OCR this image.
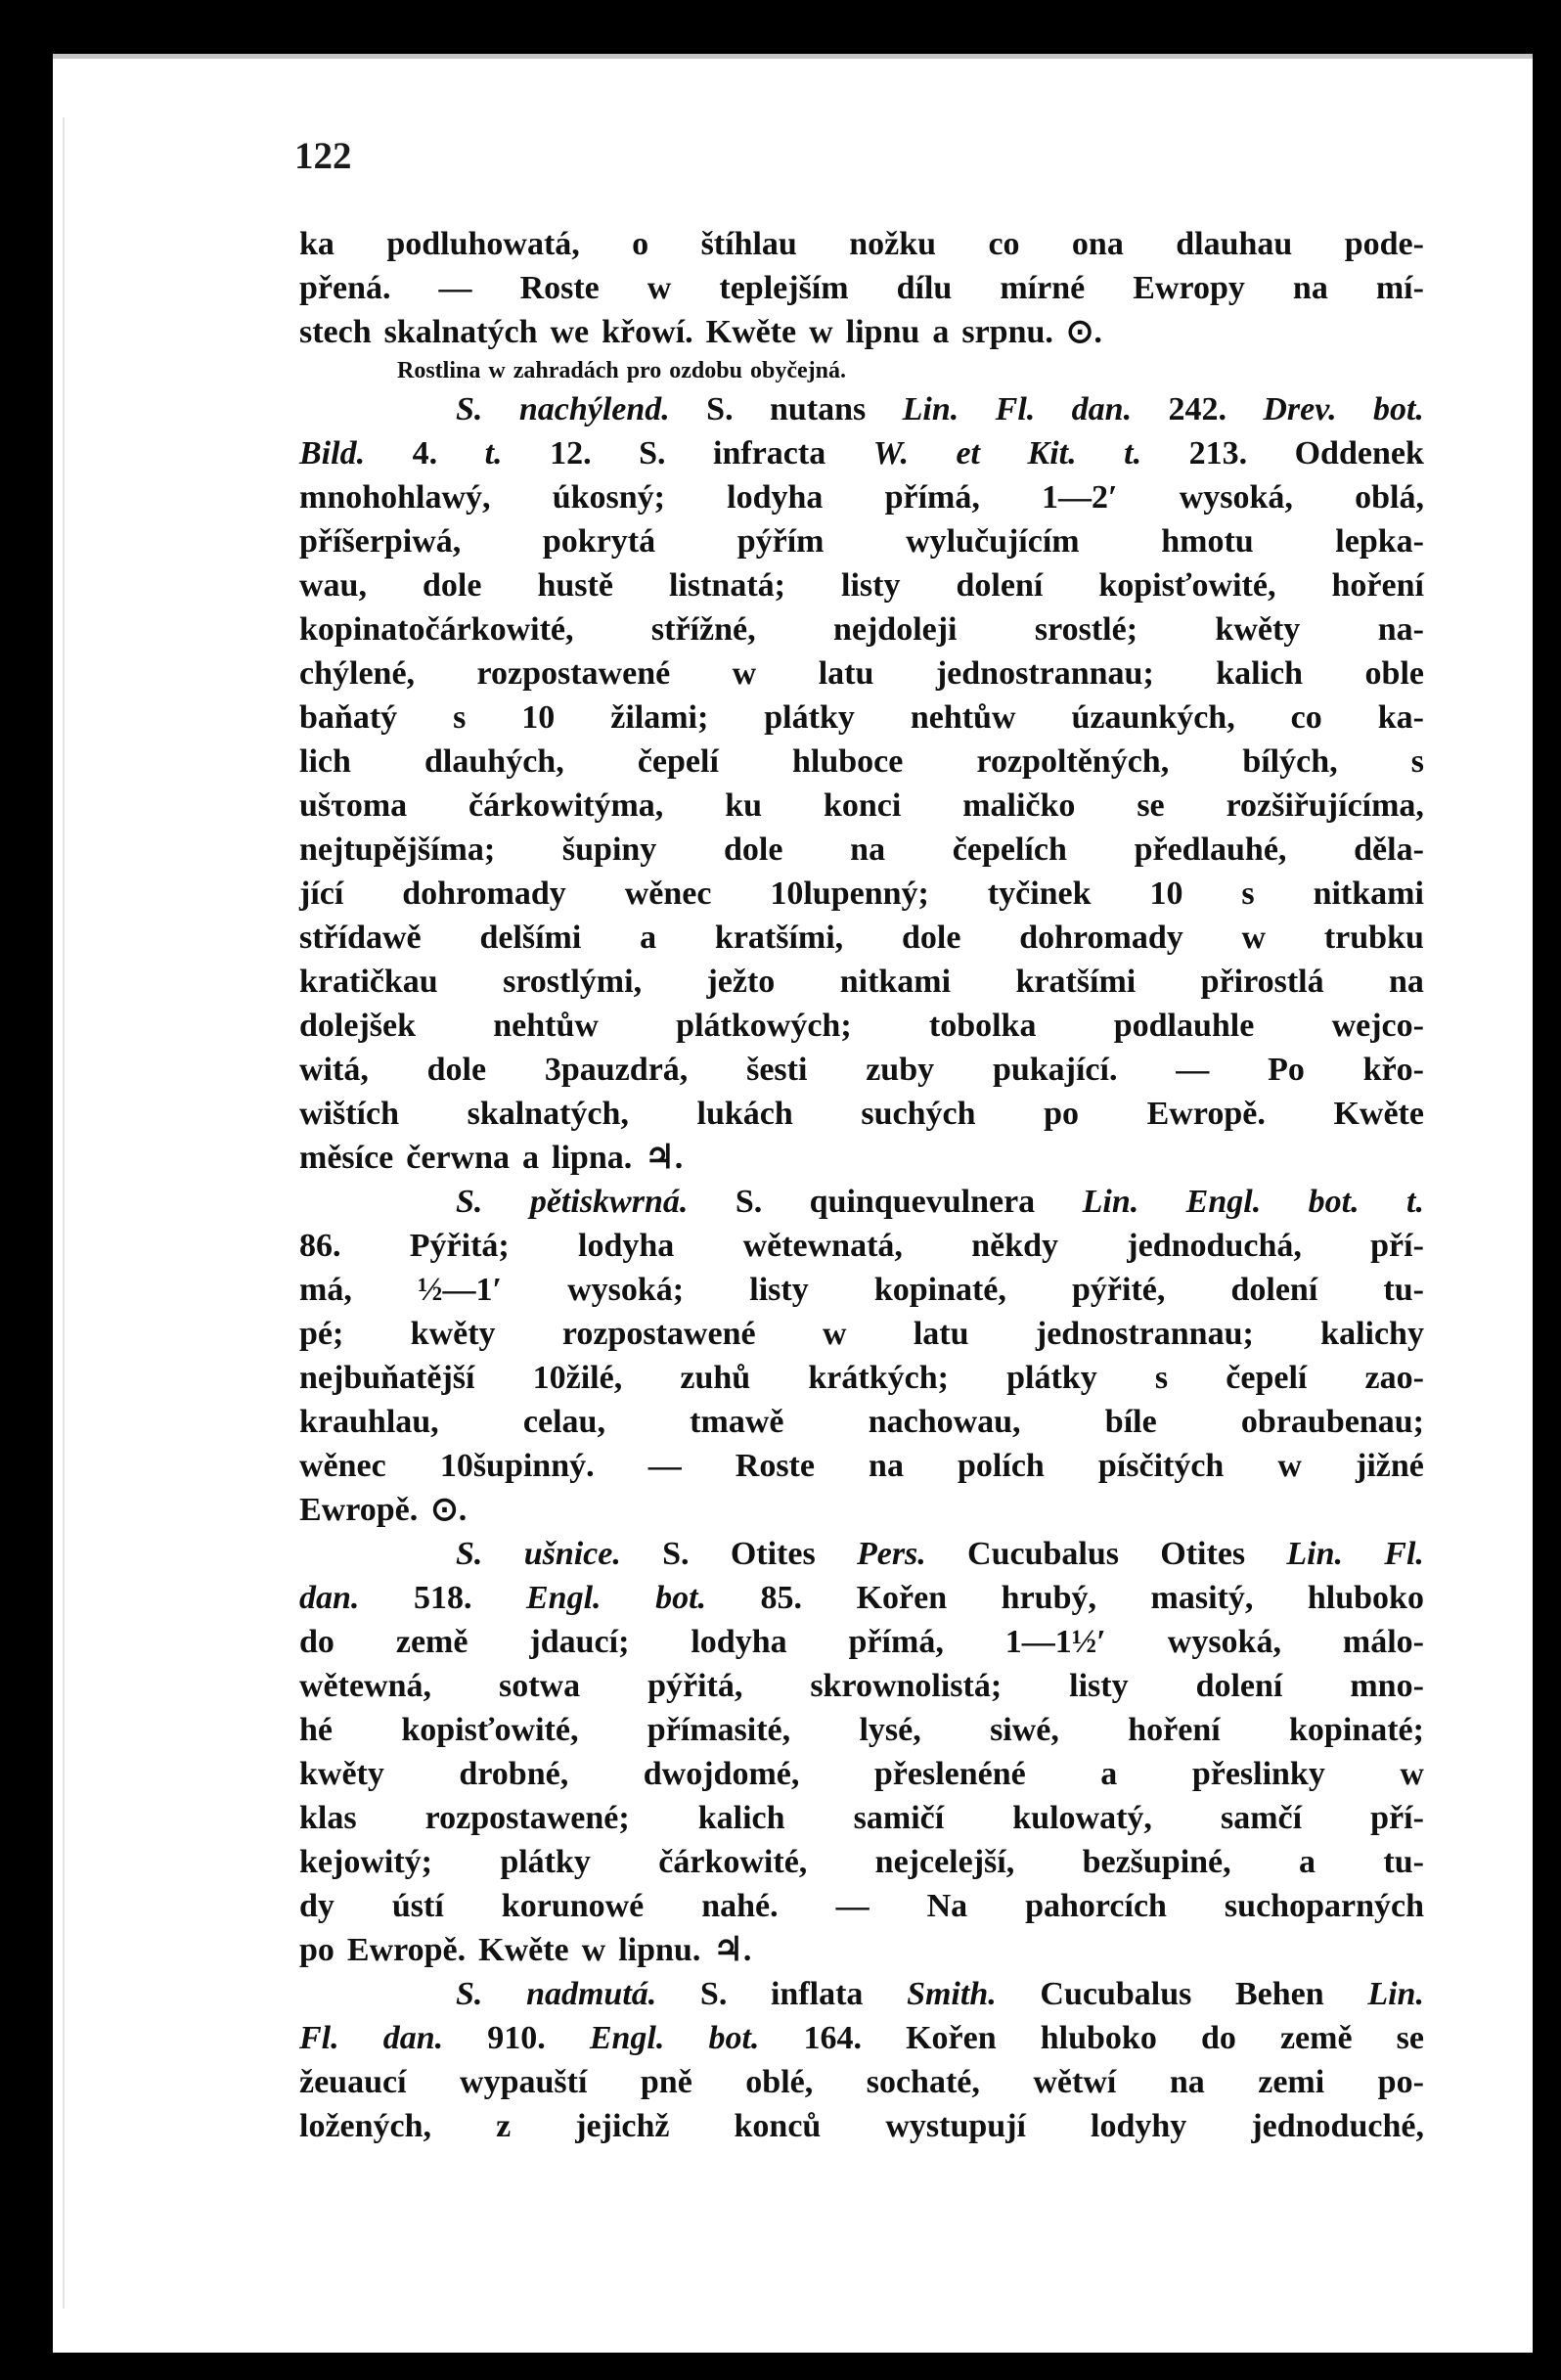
122

ka podluhowatá, o štíhlau nožku co ona dlauhau pode-
přená. — Roste w teplejším dílu mírné Ewropy na mí-
stech skalnatých we křowí. Kwěte w lipnu a srpnu. ⊙.
Rostlina w zahradách pro ozdobu obyčejná.
S. nachýlend. S. nutans Lin. Fl. dan. 242. Drev. bot.
Bild. 4. t. 12. S. infracta W. et Kit. t. 213. Oddenek
mnohohlawý, úkosný; lodyha přímá, 1—2′ wysoká, oblá,
příšerpiwá, pokrytá pýřím wylučujícím hmotu lepka-
wau, dole hustě listnatá; listy dolení kopisťowité, hoření
kopinatočárkowité, střížné, nejdoleji srostlé; kwěty na-
chýlené, rozpostawené w latu jednostrannau; kalich oble
baňatý s 10 žilami; plátky nehtůw úzaunkých, co ka-
lich dlauhých, čepelí hluboce rozpoltěných, bílých, s
ušτoma čárkowitýma, ku konci maličko se rozšiřujícíma,
nejtupějšíma; šupiny dole na čepelích předlauhé, děla-
jící dohromady wěnec 10lupenný; tyčinek 10 s nitkami
střídawě delšími a kratšími, dole dohromady w trubku
kratičkau srostlými, ježto nitkami kratšími přirostlá na
dolejšek nehtůw plátkowých; tobolka podlauhle wejco-
witá, dole 3pauzdrá, šesti zuby pukající. — Po křo-
wištích skalnatých, lukách suchých po Ewropě. Kwěte
měsíce čerwna a lipna. ♃.
S. pětiskwrná. S. quinquevulnera Lin. Engl. bot. t.
86. Pýřitá; lodyha wětewnatá, někdy jednoduchá, pří-
má, ½—1′ wysoká; listy kopinaté, pýřité, dolení tu-
pé; kwěty rozpostawené w latu jednostrannau; kalichy
nejbuňatější 10žilé, zuhů krátkých; plátky s čepelí zao-
krauhlau,	celau,	tmawě	nachowau,	bíle	obraubenau;
wěnec 10šupinný. — Roste na polích písčitých w jižné
Ewropě. ⊙.
S. ušnice. S. Otites Pers. Cucubalus Otites Lin. Fl.
dan. 518. Engl. bot. 85. Kořen hrubý, masitý, hluboko
do země jdaucí; lodyha přímá, 1—1½′ wysoká, málo-
wětewná, sotwa pýřitá, skrownolistá; listy dolení mno-
hé kopisťowité, přímasité, lysé, siwé, hoření kopinaté;
kwěty drobné, dwojdomé, přeslenéné a přeslinky w
klas rozpostawené; kalich samičí kulowatý, samčí pří-
kejowitý; plátky čárkowité, nejcelejší, bezšupiné, a tu-
dy ústí korunowé nahé. — Na pahorcích suchoparných
po Ewropě. Kwěte w lipnu. ♃.
S. nadmutá. S. inflata Smith. Cucubalus Behen Lin.
Fl. dan. 910. Engl. bot. 164. Kořen hluboko do země se
žeuaucí wypauští pně oblé, sochaté, wětwí na zemi po-
ložených, z jejichž konců wystupují lodyhy jednoduché,
